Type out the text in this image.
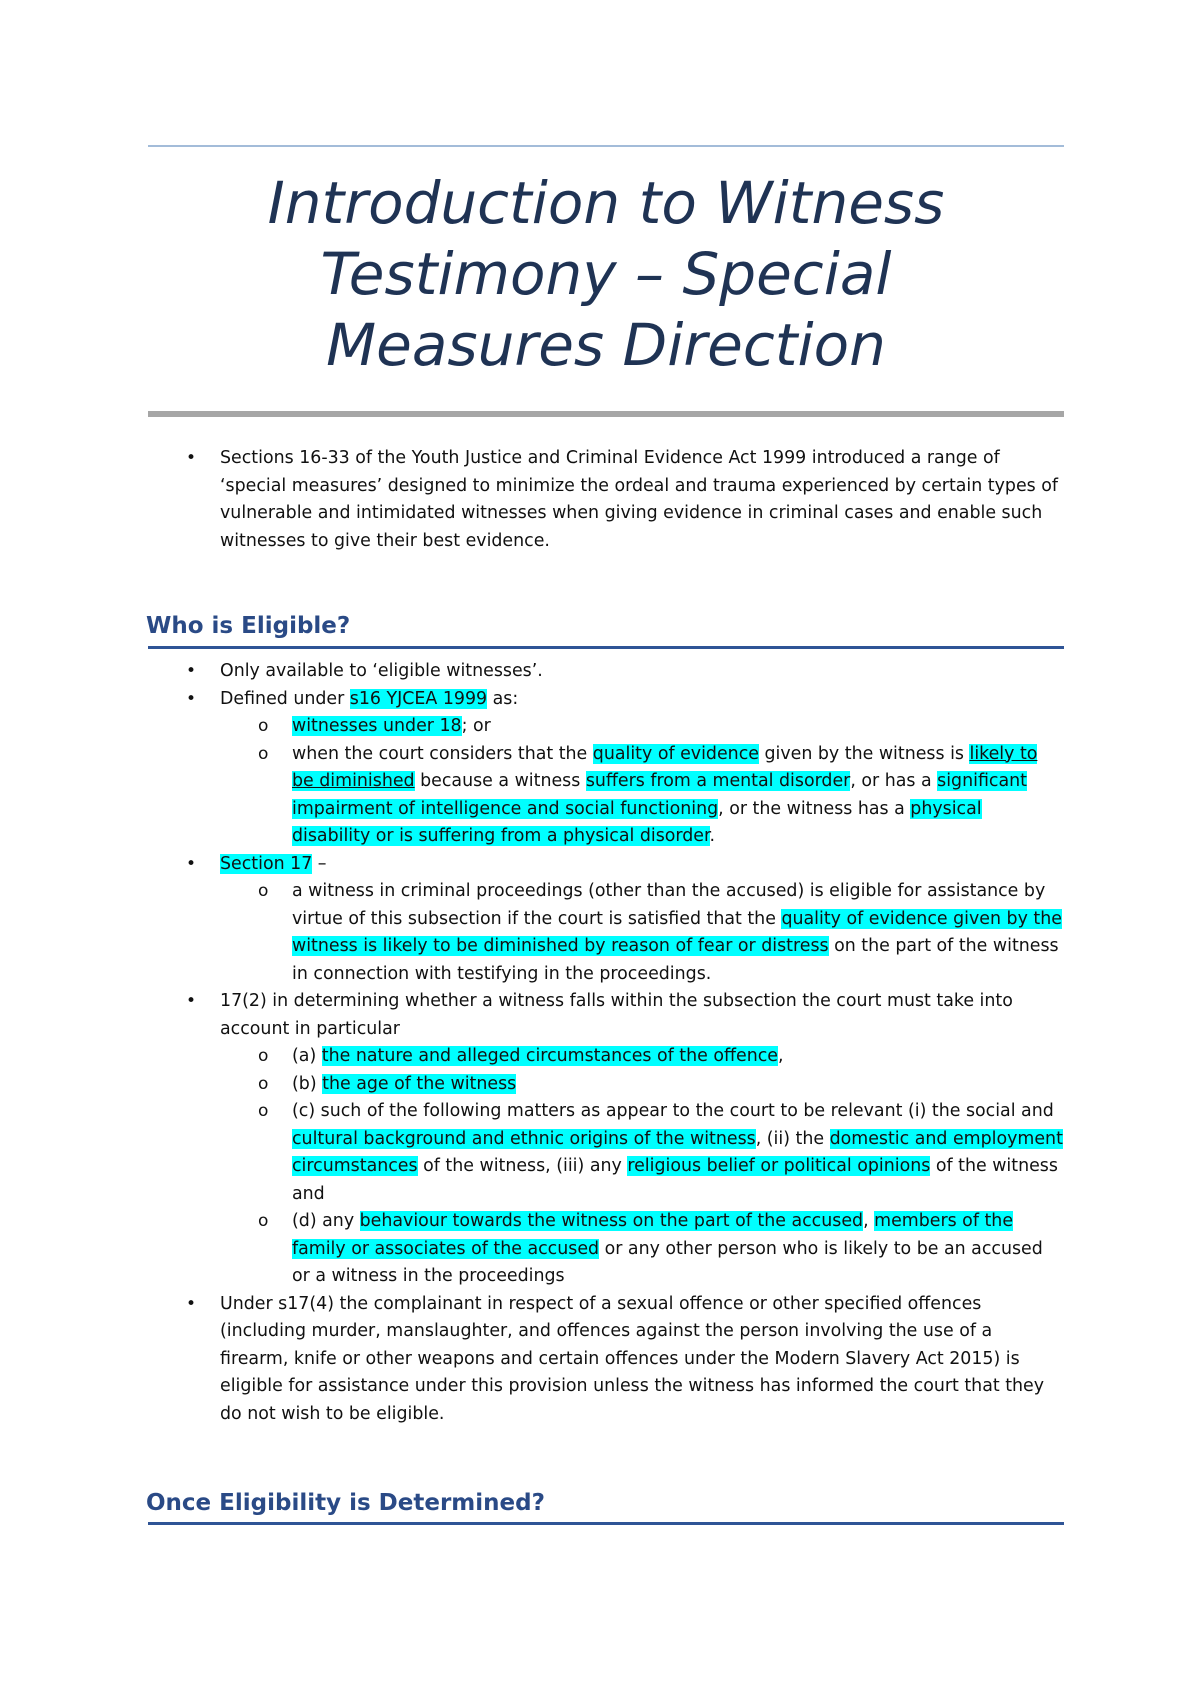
Introduction to Witness
Testimony – Special
Measures Direction
• Sections 16-33 of the Youth Justice and Criminal Evidence Act 1999 introduced a range of ‘special measures’ designed to minimize the ordeal and trauma experienced by certain types of vulnerable and intimidated witnesses when giving evidence in criminal cases and enable such witnesses to give their best evidence.
Who is Eligible?
• Only available to ‘eligible witnesses’.
• Defined under s16 YJCEA 1999 as:
o witnesses under 18; or
o when the court considers that the quality of evidence given by the witness is likely to be diminished because a witness suffers from a mental disorder, or has a significant impairment of intelligence and social functioning, or the witness has a physical disability or is suffering from a physical disorder.
• Section 17 –
o a witness in criminal proceedings (other than the accused) is eligible for assistance by virtue of this subsection if the court is satisfied that the quality of evidence given by the witness is likely to be diminished by reason of fear or distress on the part of the witness in connection with testifying in the proceedings.
• 17(2) in determining whether a witness falls within the subsection the court must take into account in particular
o (a) the nature and alleged circumstances of the offence,
o (b) the age of the witness
o (c) such of the following matters as appear to the court to be relevant (i) the social and cultural background and ethnic origins of the witness, (ii) the domestic and employment circumstances of the witness, (iii) any religious belief or political opinions of the witness and
o (d) any behaviour towards the witness on the part of the accused, members of the family or associates of the accused or any other person who is likely to be an accused or a witness in the proceedings
• Under s17(4) the complainant in respect of a sexual offence or other specified offences (including murder, manslaughter, and offences against the person involving the use of a firearm, knife or other weapons and certain offences under the Modern Slavery Act 2015) is eligible for assistance under this provision unless the witness has informed the court that they do not wish to be eligible.
Once Eligibility is Determined?
